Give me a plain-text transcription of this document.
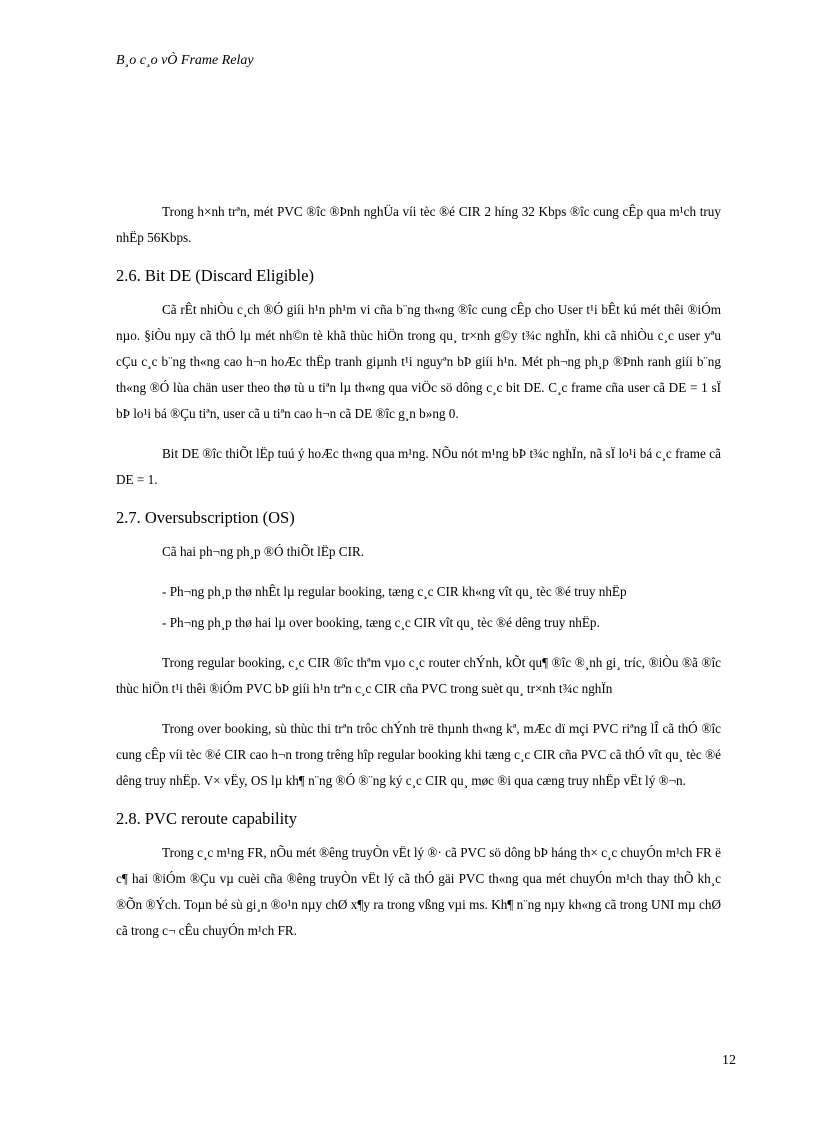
B¸o c¸o vÒ Frame Relay

Trong h×nh trªn, mét PVC ®îc ®Þnh nghÜa víi tèc ®é CIR 2 híng 32 Kbps ®îc cung cÊp qua m¹ch truy nhËp 56Kbps.

2.6. Bit DE (Discard Eligible)

Cã rÊt nhiÒu c¸ch ®Ó giíi h¹n ph¹m vi cña b¨ng th«ng ®îc cung cÊp cho User t¹i bÊt kú mét thêi ®iÓm nµo. §iÒu nµy cã thÓ lµ mét nh©n tè khã thùc hiÖn trong qu¸ tr×nh g©y t¾c nghÏn, khi cã nhiÒu c¸c user yªu cÇu c¸c b¨ng th«ng cao h¬n hoÆc thËp tranh giµnh t¹i nguyªn bÞ giíi h¹n. Mét ph¬ng ph¸p ®Þnh ranh giíi b¨ng th«ng ®Ó lùa chän user theo thø tù u tiªn lµ th«ng qua viÖc sö dông c¸c bit DE. C¸c frame cña user cã DE = 1 sÏ bÞ lo¹i bá ®Çu tiªn, user cã u tiªn cao h¬n cã DE ®îc g¸n b»ng 0.

Bit DE ®îc thiÕt lËp tuú ý hoÆc th«ng qua m¹ng. NÕu nót m¹ng bÞ t¾c nghÏn, nã sÏ lo¹i bá c¸c frame cã DE = 1.

2.7. Oversubscription (OS)

Cã hai ph¬ng ph¸p ®Ó thiÕt lËp CIR.

- Ph¬ng ph¸p thø nhÊt lµ regular booking, tæng c¸c CIR kh«ng vît qu¸ tèc ®é truy nhËp

- Ph¬ng ph¸p thø hai lµ over booking, tæng c¸c CIR vît qu¸ tèc ®é dêng truy nhËp.

Trong regular booking, c¸c CIR ®îc thªm vµo c¸c router chÝnh, kÕt qu¶ ®îc ®¸nh gi¸ tríc, ®iÒu ®ã ®îc thùc hiÖn t¹i thêi ®iÓm PVC bÞ giíi h¹n trªn c¸c CIR cña PVC trong suèt qu¸ tr×nh t¾c nghÏn

Trong over booking, sù thùc thi trªn trôc chÝnh trë thµnh th«ng kª, mÆc dï mçi PVC riªng lÎ cã thÓ ®îc cung cÊp víi tèc ®é CIR cao h¬n trong trêng hîp regular booking khi tæng c¸c CIR cña PVC cã thÓ vît qu¸ tèc ®é dêng truy nhËp. V× vËy, OS lµ kh¶ n¨ng ®Ó ®¨ng ký c¸c CIR qu¸ møc ®i qua cæng truy nhËp vËt lý ®¬n.

2.8. PVC reroute capability

Trong c¸c m¹ng FR, nÕu mét ®êng truyÒn vËt lý ®· cã PVC sö dông bÞ háng th× c¸c chuyÓn m¹ch FR ë c¶ hai ®iÓm ®Çu vµ cuèi cña ®êng truyÒn vËt lý cã thÓ gäi PVC th«ng qua mét chuyÓn m¹ch thay thÕ kh¸c ®Õn ®Ých. Toµn bé sù gi¸n ®o¹n nµy chØ x¶y ra trong vßng vµi ms. Kh¶ n¨ng nµy kh«ng cã trong UNI mµ chØ cã trong c¬ cÊu chuyÓn m¹ch FR.

12
